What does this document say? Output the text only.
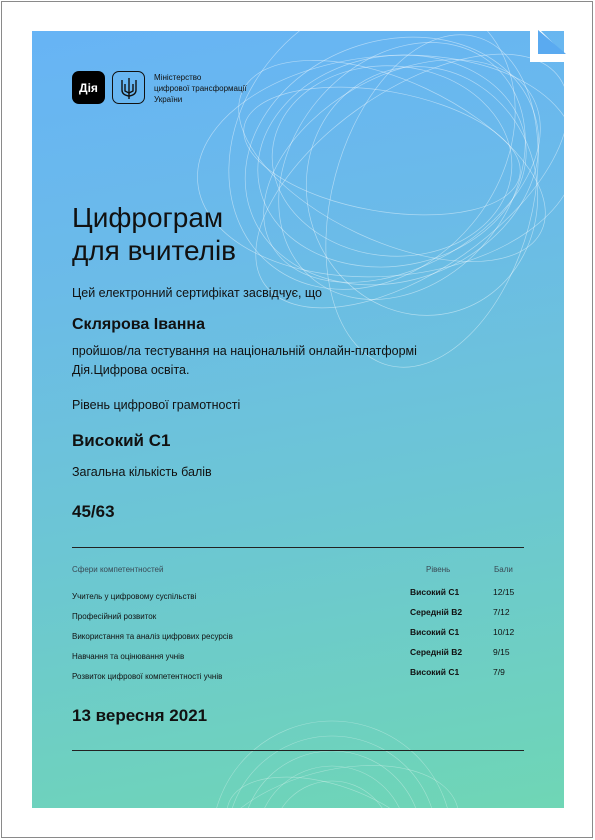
Дія
Міністерство
цифрової трансформації
України
Цифрограм
для вчителів
Цей електронний сертифікат засвідчує, що
Склярова Іванна
пройшов/ла тестування на національній онлайн-платформі
Дія.Цифрова освіта.
Рівень цифрової грамотності
Високий С1
Загальна кількість балів
45/63
Сфери компетентностей	Рівень	Бали
Учитель у цифровому суспільстві	Високий С1	12/15
Професійний розвиток	Середній В2	7/12
Використання та аналіз цифрових ресурсів	Високий С1	10/12
Навчання та оцінювання учнів	Середній В2	9/15
Розвиток цифрової компетентності учнів	Високий С1	7/9
13 вересня 2021
